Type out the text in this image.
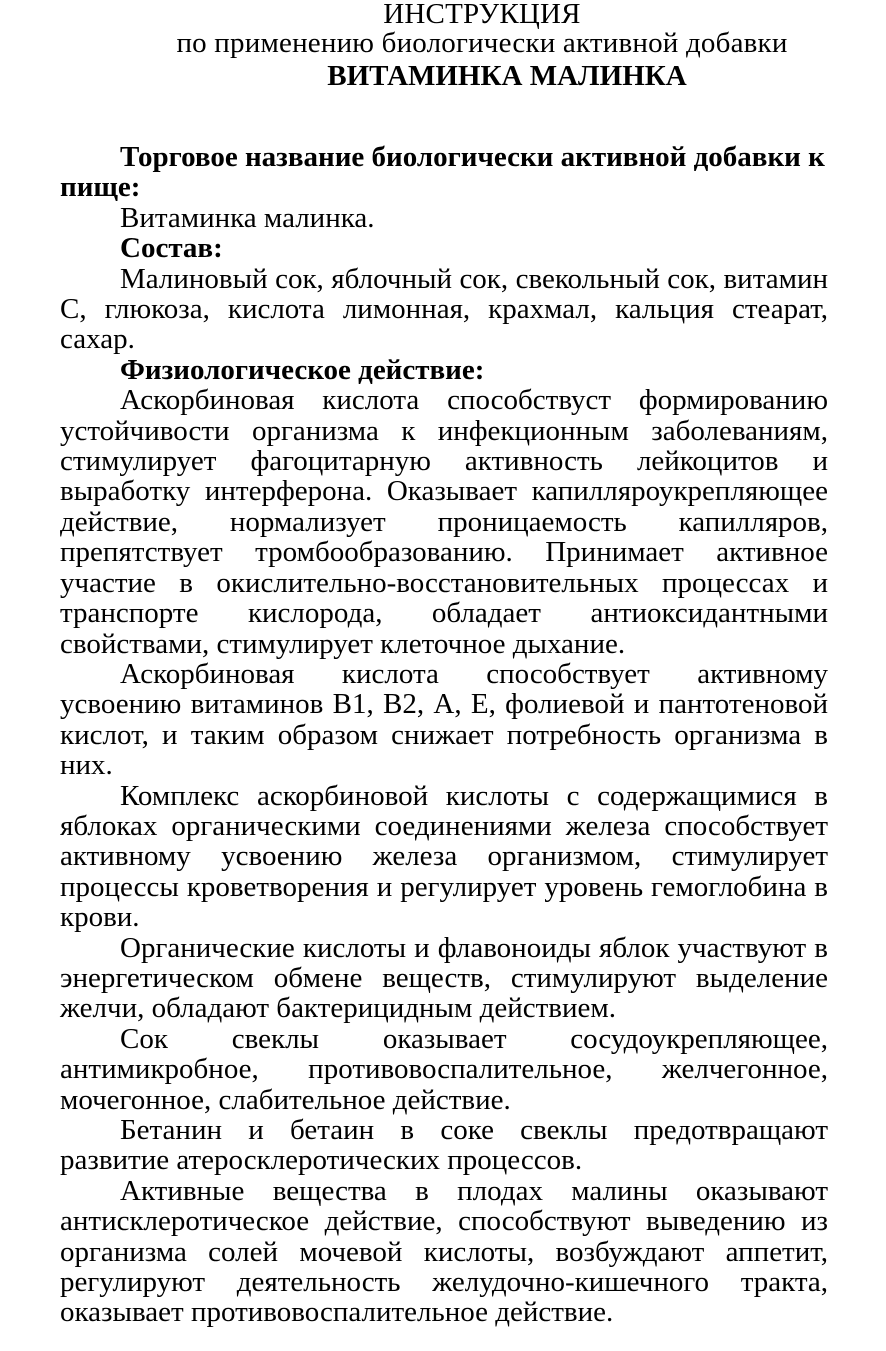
ИНСТРУКЦИЯ
по применению биологически активной добавки
ВИТАМИНКА МАЛИНКА

Торговое название биологически активной добавки к пище:

Витаминка малинка.

Состав:

Малиновый сок, яблочный сок, свекольный сок, витамин С, глюкоза, кислота лимонная, крахмал, кальция стеарат, сахар.

Физиологическое действие:

Аскорбиновая кислота способствуст формированию устойчивости организма к инфекционным заболеваниям, стимулирует фагоцитарную активность лейкоцитов и выработку интерферона. Оказывает капилляроукрепляющее действие, нормализует проницаемость капилляров, препятствует тромбообразованию. Принимает активное участие в окислительно-восстановительных процессах и транспорте кислорода, обладает антиоксидантными свойствами, стимулирует клеточное дыхание.

Аскорбиновая кислота способствует активному усвоению витаминов В1, В2, А, Е, фолиевой и пантотеновой кислот, и таким образом снижает потребность организма в них.

Комплекс аскорбиновой кислоты с содержащимися в яблоках органическими соединениями железа способствует активному усвоению железа организмом, стимулирует процессы кроветворения и регулирует уровень гемоглобина в крови.

Органические кислоты и флавоноиды яблок участвуют в энергетическом обмене веществ, стимулируют выделение желчи, обладают бактерицидным действием.

Сок свеклы оказывает сосудоукрепляющее, антимикробное, противовоспалительное, желчегонное, мочегонное, слабительное действие.

Бетанин и бетаин в соке свеклы предотвращают развитие атеросклеротических процессов.

Активные вещества в плодах малины оказывают антисклеротическое действие, способствуют выведению из организма солей мочевой кислоты, возбуждают аппетит, регулируют деятельность желудочно-кишечного тракта, оказывает противовоспалительное действие.
